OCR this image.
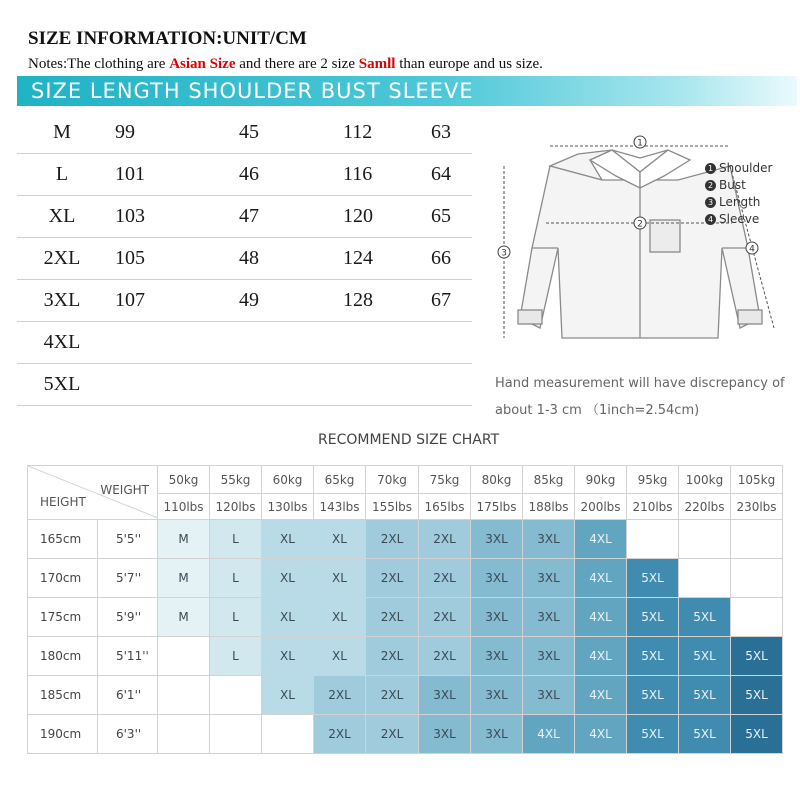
SIZE INFORMATION:UNIT/CM
Notes:The clothing are Asian Size and there are 2 size Samll than europe and us size.
SIZE LENGTH SHOULDER BUST SLEEVE
M	99	45	112	63
L	101	46	116	64
XL	103	47	120	65
2XL	105	48	124	66
3XL	107	49	128	67
4XL				
5XL				
1
2
3	4
1 Shoulder
2 Bust
3 Length
4 Sleeve
Hand measurement will have discrepancy of
about 1-3 cm （1inch=2.54cm)
RECOMMEND SIZE CHART
WEIGHT
HEIGHT		50kg	55kg	60kg	65kg	70kg	75kg	80kg	85kg	90kg	95kg	100kg	105kg
		110lbs	120lbs	130lbs	143lbs	155lbs	165lbs	175lbs	188lbs	200lbs	210lbs	220lbs	230lbs
165cm	5'5''	M	L	XL	XL	2XL	2XL	3XL	3XL	4XL			
170cm	5'7''	M	L	XL	XL	2XL	2XL	3XL	3XL	4XL	5XL		
175cm	5'9''	M	L	XL	XL	2XL	2XL	3XL	3XL	4XL	5XL	5XL	
180cm	5'11''		L	XL	XL	2XL	2XL	3XL	3XL	4XL	5XL	5XL	5XL
185cm	6'1''			XL	2XL	2XL	3XL	3XL	3XL	4XL	5XL	5XL	5XL
190cm	6'3''				2XL	2XL	3XL	3XL	4XL	4XL	5XL	5XL	5XL
